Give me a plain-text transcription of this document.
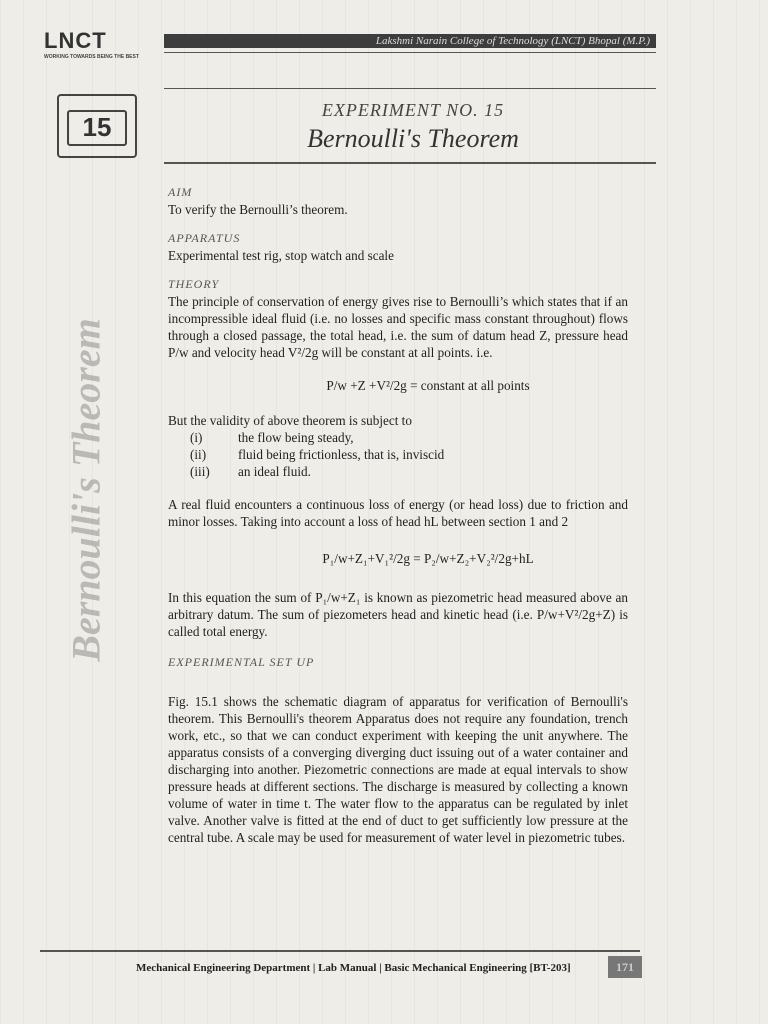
LNCT
WORKING TOWARDS BEING THE BEST
Lakshmi Narain College of Technology (LNCT) Bhopal (M.P.)
15
EXPERIMENT NO. 15
Bernoulli's Theorem
Bernoulli's Theorem
AIM
To verify the Bernoulli’s theorem.
APPARATUS
Experimental test rig, stop watch and scale
THEORY
The principle of conservation of energy gives rise to Bernoulli’s which states that if an incompressible ideal fluid (i.e. no losses and specific mass constant throughout) flows through a closed passage, the total head, i.e. the sum of datum head Z, pressure head P/w and velocity head V²/2g will be constant at all points. i.e.
P/w +Z +V²/2g = constant at all points
But the validity of above theorem is subject to
(i)	the flow being steady,
(ii)	fluid being frictionless, that is, inviscid
(iii)	an ideal fluid.
A real fluid encounters a continuous loss of energy (or head loss) due to friction and minor losses. Taking into account a loss of head hL between section 1 and 2
P₁/w+Z₁+V₁²/2g = P₂/w+Z₂+V₂²/2g+hL
In this equation the sum of P₁/w+Z₁ is known as piezometric head measured above an arbitrary datum. The sum of piezometers head and kinetic head (i.e. P/w+V²/2g+Z) is called total energy.
EXPERIMENTAL SET UP
Fig. 15.1 shows the schematic diagram of apparatus for verification of Bernoulli's theorem. This Bernoulli's theorem Apparatus does not require any foundation, trench work, etc., so that we can conduct experiment with keeping the unit anywhere. The apparatus consists of a converging diverging duct issuing out of a water container and discharging into another. Piezometric connections are made at equal intervals to show pressure heads at different sections. The discharge is measured by collecting a known volume of water in time t. The water flow to the apparatus can be regulated by inlet valve. Another valve is fitted at the end of duct to get sufficiently low pressure at the central tube. A scale may be used for measurement of water level in piezometric tubes.
Mechanical Engineering Department | Lab Manual | Basic Mechanical Engineering [BT-203]	171
